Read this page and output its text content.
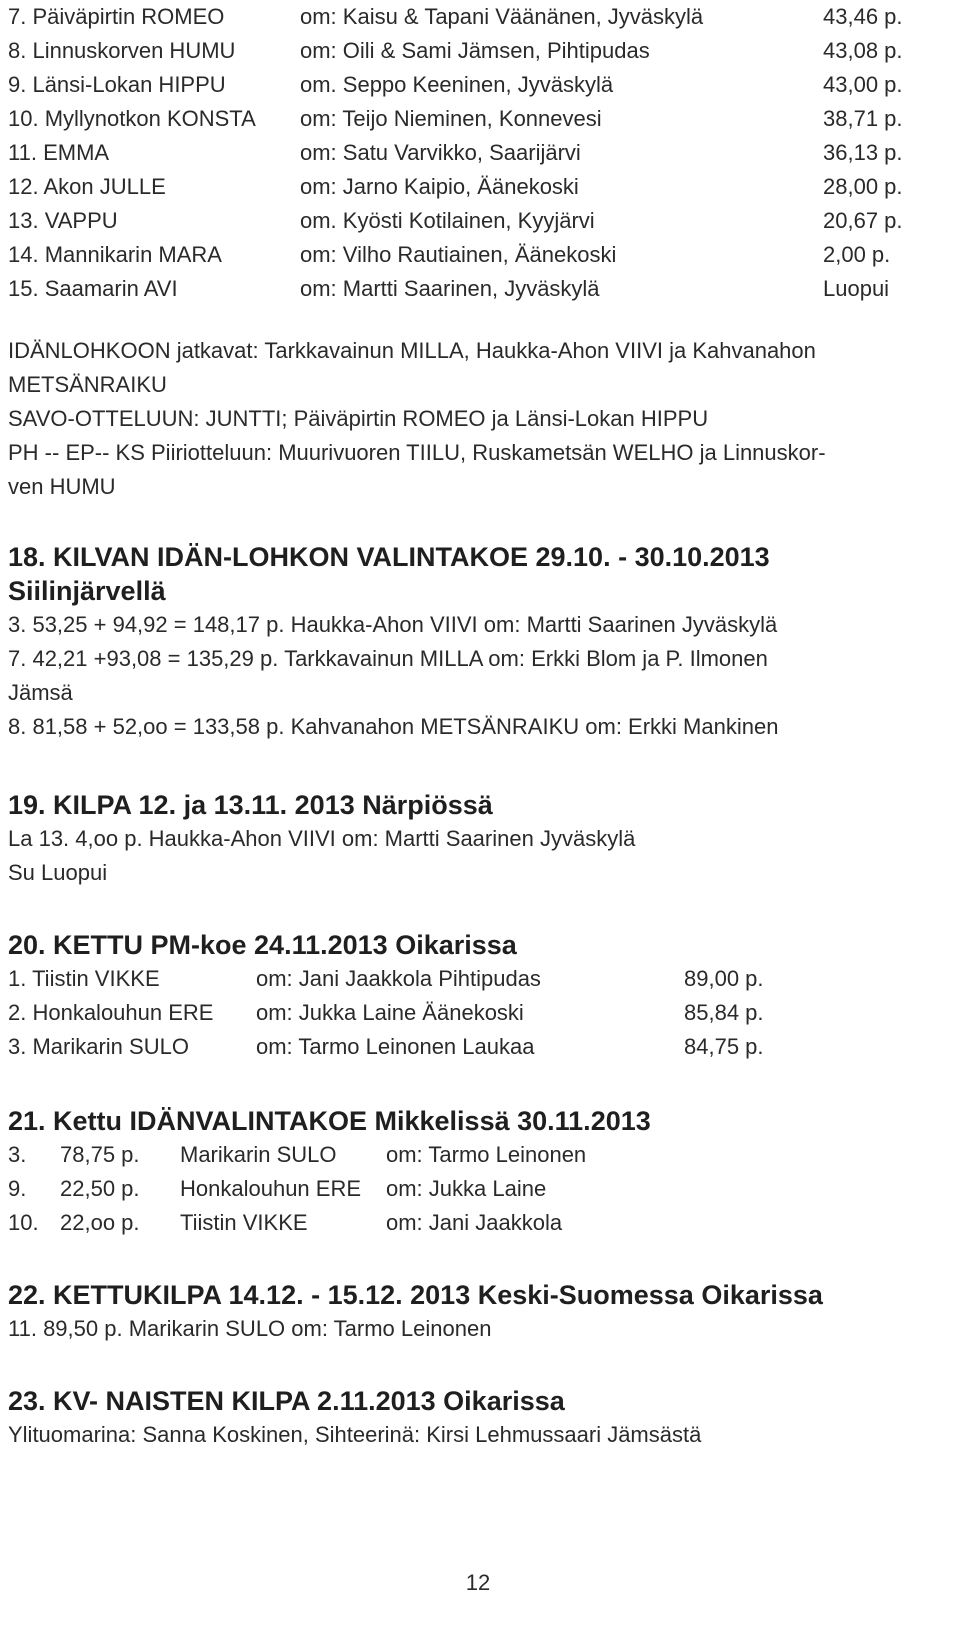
7. Päiväpirtin ROMEO	om: Kaisu & Tapani Väänänen, Jyväskylä	43,46 p.
8. Linnuskorven HUMU	om: Oili & Sami Jämsen, Pihtipudas	43,08 p.
9. Länsi-Lokan HIPPU	om. Seppo Keeninen, Jyväskylä	43,00 p.
10. Myllynotkon KONSTA om: Teijo Nieminen, Konnevesi	38,71 p.
11. EMMA	om: Satu Varvikko, Saarijärvi	36,13 p.
12. Akon JULLE	om: Jarno Kaipio, Äänekoski	28,00 p.
13. VAPPU	om. Kyösti Kotilainen, Kyyjärvi	20,67 p.
14. Mannikarin MARA	om: Vilho Rautiainen, Äänekoski	2,00 p.
15. Saamarin AVI	om: Martti Saarinen, Jyväskylä	Luopui

IDÄNLOHKOON jatkavat: Tarkkavainun MILLA, Haukka-Ahon VIIVI ja Kahvanahon

METSÄNRAIKU

SAVO-OTTELUUN: JUNTTI; Päiväpirtin ROMEO ja Länsi-Lokan HIPPU

PH -- EP-- KS Piiriotteluun: Muurivuoren TIILU, Ruskametsän WELHO ja Linnuskor-

ven HUMU

18. KILVAN IDÄN-LOHKON VALINTAKOE 29.10. - 30.10.2013

Siilinjärvellä

3. 53,25 + 94,92 = 148,17 p. Haukka-Ahon VIIVI om: Martti Saarinen Jyväskylä

7. 42,21 +93,08 = 135,29 p. Tarkkavainun MILLA om: Erkki Blom ja P. Ilmonen

Jämsä

8. 81,58 + 52,oo = 133,58 p. Kahvanahon METSÄNRAIKU om: Erkki Mankinen

19. KILPA 12. ja 13.11. 2013 Närpiössä

La 13. 4,oo p. Haukka-Ahon VIIVI om: Martti Saarinen Jyväskylä

Su Luopui

20. KETTU PM-koe 24.11.2013 Oikarissa

1. Tiistin VIKKE	om: Jani Jaakkola Pihtipudas	89,00 p.
2. Honkalouhun ERE om: Jukka Laine Äänekoski	85,84 p.
3. Marikarin SULO	om: Tarmo Leinonen Laukaa	84,75 p.

21. Kettu IDÄNVALINTAKOE Mikkelissä 30.11.2013

3. 78,75 p. Marikarin SULO om: Tarmo Leinonen
9. 22,50 p. Honkalouhun ERE om: Jukka Laine
10. 22,oo p. Tiistin VIKKE	om: Jani Jaakkola

22. KETTUKILPA 14.12. - 15.12. 2013 Keski-Suomessa Oikarissa

11. 89,50 p. Marikarin SULO om: Tarmo Leinonen

23. KV- NAISTEN KILPA 2.11.2013 Oikarissa

Ylituomarina: Sanna Koskinen, Sihteerinä: Kirsi Lehmussaari Jämsästä

12
